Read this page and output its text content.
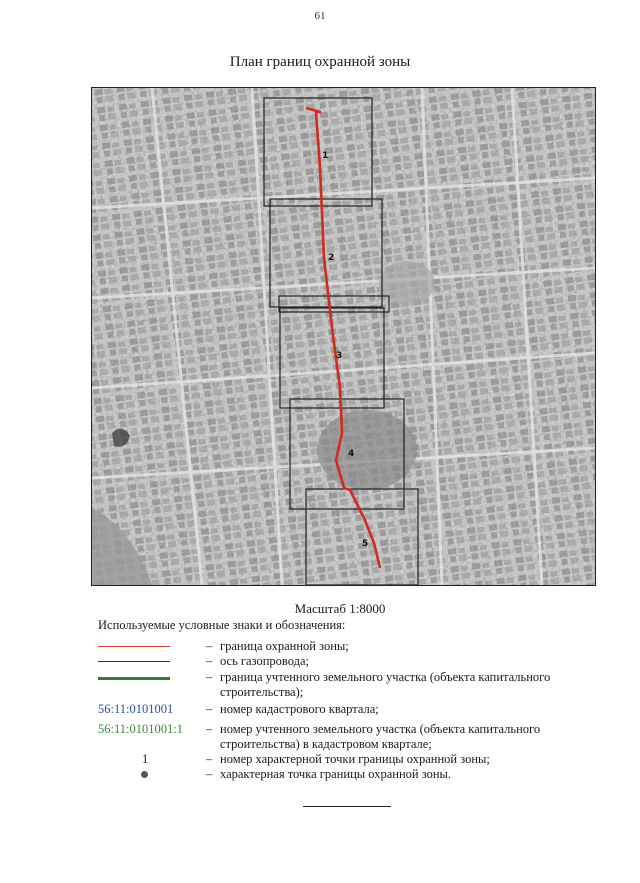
61
План границ охранной зоны
1
2
3
4
5
Масштаб 1:8000
Используемые условные знаки и обозначения:
– граница охранной зоны;
– ось газопровода;
– граница учтенного земельного участка (объекта капитального строительства);
56:11:0101001	– номер кадастрового квартала;
56:11:0101001:1 – номер учтенного земельного участка (объекта капитального строительства) в кадастровом квартале;
1	– номер характерной точки границы охранной зоны;
– характерная точка границы охранной зоны.
